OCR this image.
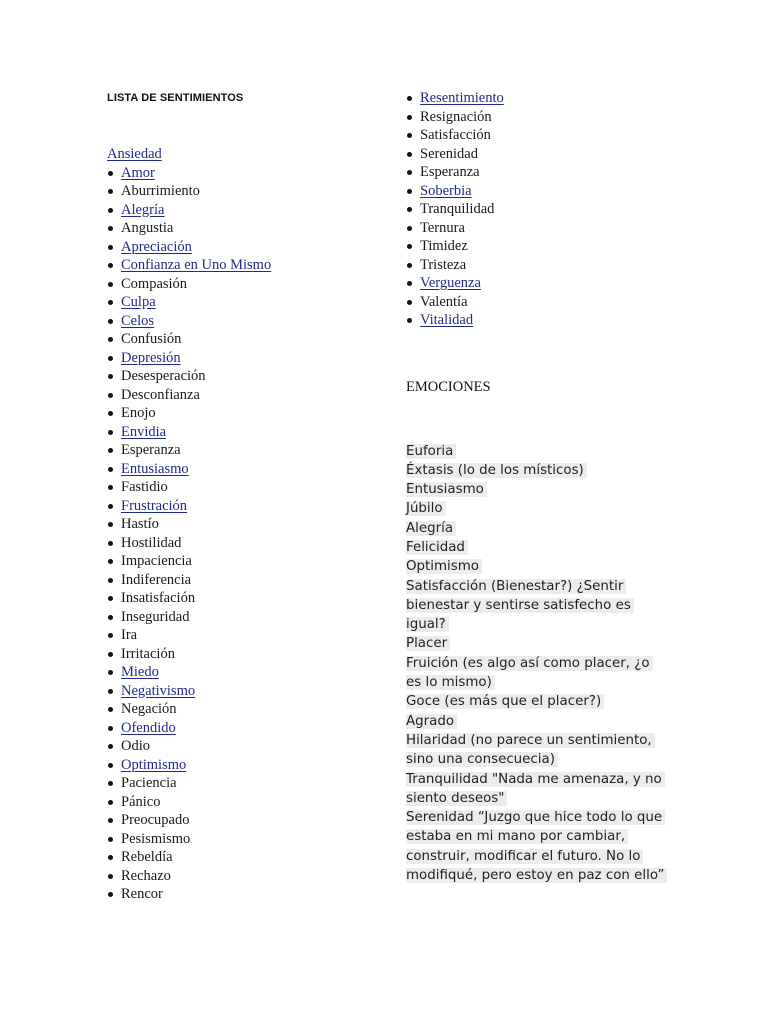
LISTA DE SENTIMIENTOS
Ansiedad
Amor
Aburrimiento
Alegría
Angustia
Apreciación
Confianza en Uno Mismo
Compasión
Culpa
Celos
Confusión
Depresión
Desesperación
Desconfianza
Enojo
Envidia
Esperanza
Entusiasmo
Fastidio
Frustración
Hastío
Hostilidad
Impaciencia
Indiferencia
Insatisfación
Inseguridad
Ira
Irritación
Miedo
Negativismo
Negación
Ofendido
Odio
Optimismo
Paciencia
Pánico
Preocupado
Pesismismo
Rebeldía
Rechazo
Rencor
Resentimiento
Resignación
Satisfacción
Serenidad
Esperanza
Soberbia
Tranquilidad
Ternura
Timidez
Tristeza
Verguenza
Valentía
Vitalidad
EMOCIONES
Euforia
Éxtasis (lo de los místicos)
Entusiasmo
Júbilo
Alegría
Felicidad
Optimismo
Satisfacción (Bienestar?) ¿Sentir bienestar y sentirse satisfecho es igual?
Placer
Fruición (es algo así como placer, ¿o es lo mismo)
Goce (es más que el placer?)
Agrado
Hilaridad (no parece un sentimiento, sino una consecuecia)
Tranquilidad "Nada me amenaza, y no siento deseos"
Serenidad “Juzgo que hice todo lo que estaba en mi mano por cambiar, construir, modificar el futuro. No lo modifiqué, pero estoy en paz con ello”
